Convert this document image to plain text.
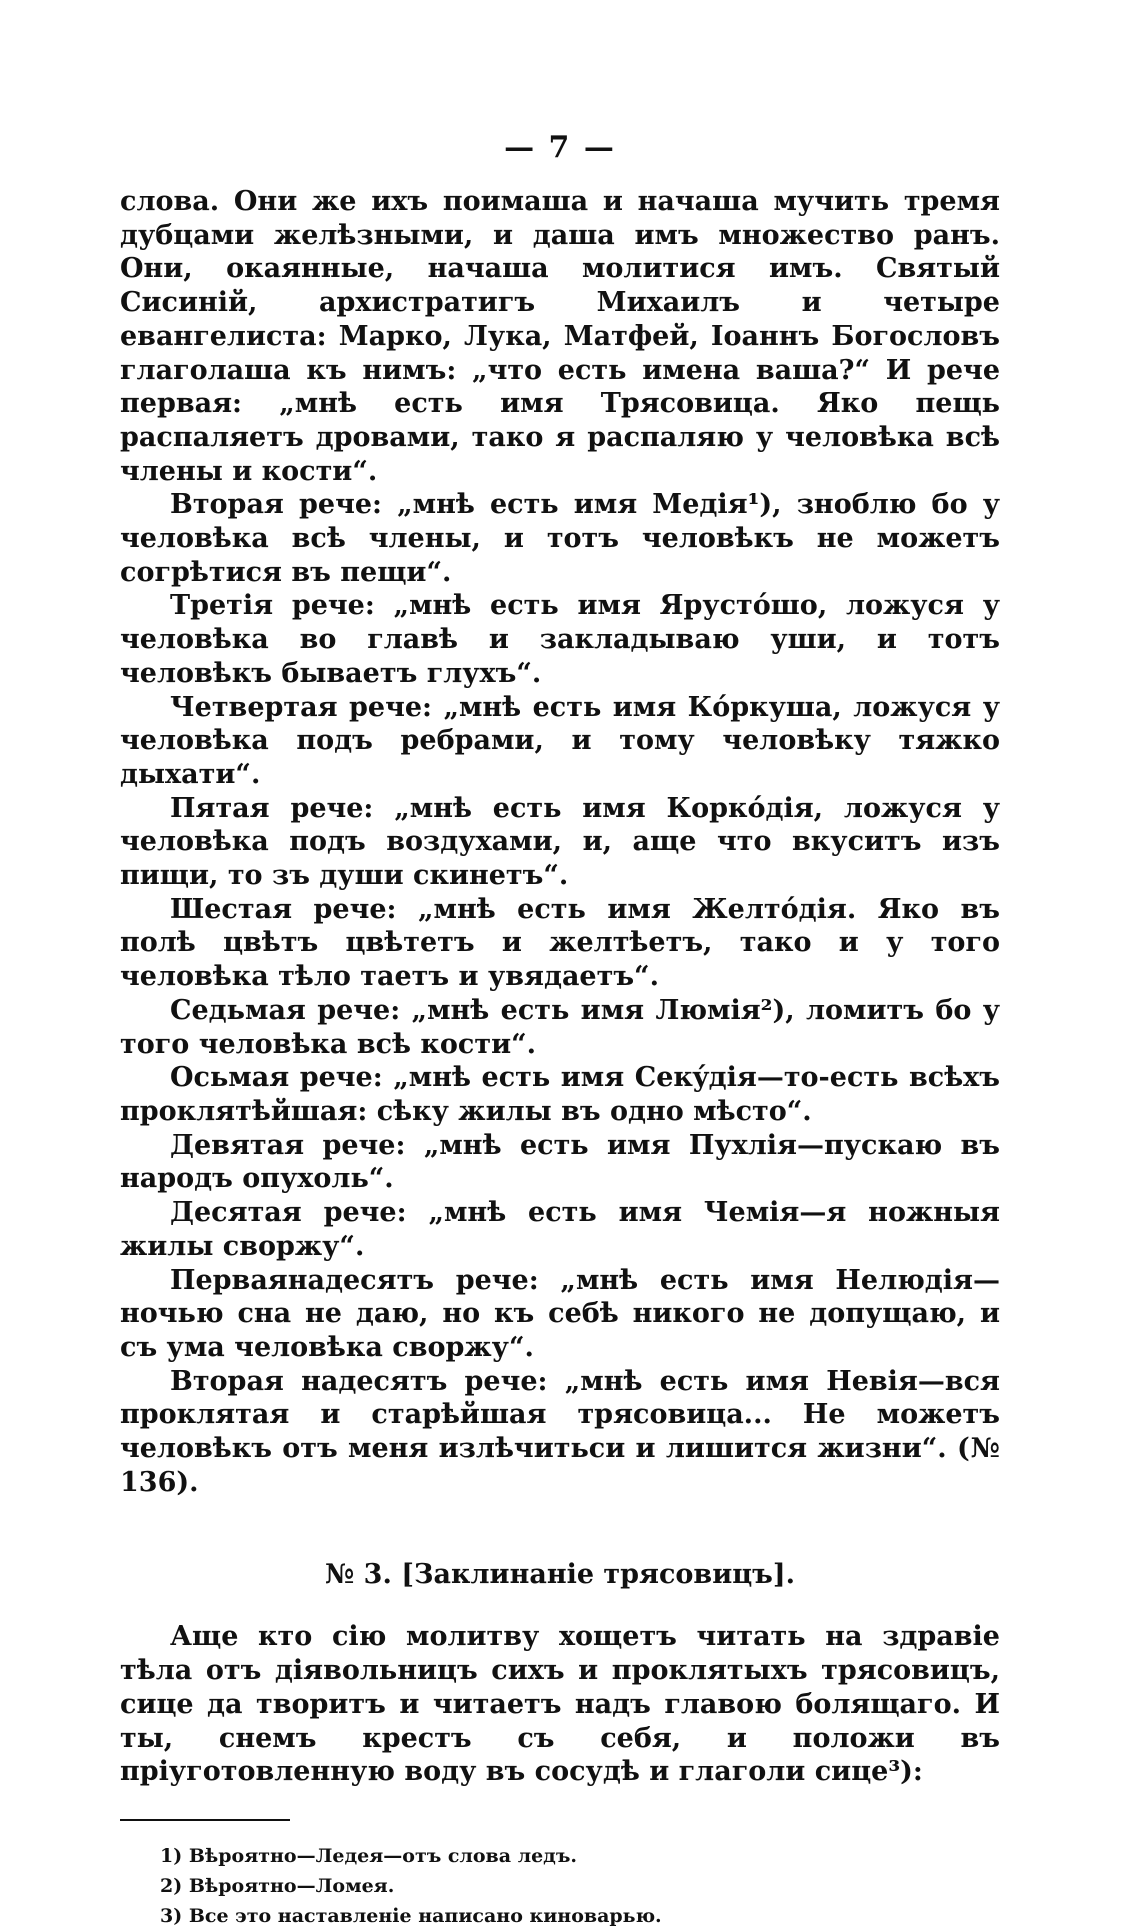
— 7 —

слова. Они же ихъ поимаша и начаша мучить тремя дубцами желѣзными, и даша имъ множество ранъ. Они, окаянные, начаша молитися имъ. Святый Сисиній, архистратигъ Михаилъ и четыре евангелиста: Марко, Лука, Матфей, Іоаннъ Богословъ глаголаша къ нимъ: „что есть имена ваша?“ И рече первая: „мнѣ есть имя Трясовица. Яко пещь распаляетъ дровами, тако я распаляю у человѣка всѣ члены и кости“.

Вторая рече: „мнѣ есть имя Медія¹), зноблю бо у человѣка всѣ члены, и тотъ человѣкъ не можетъ согрѣтися въ пещи“.

Третія рече: „мнѣ есть имя Ярустóшо, ложуся у человѣка во главѣ и закладываю уши, и тотъ человѣкъ бываетъ глухъ“.

Четвертая рече: „мнѣ есть имя Кóркуша, ложуся у человѣка подъ ребрами, и тому человѣку тяжко дыхати“.

Пятая рече: „мнѣ есть имя Коркóдія, ложуся у человѣка подъ воздухами, и, аще что вкуситъ изъ пищи, то зъ души скинетъ“.

Шестая рече: „мнѣ есть имя Желтóдія. Яко въ полѣ цвѣтъ цвѣтетъ и желтѣетъ, тако и у того человѣка тѣло таетъ и увядаетъ“.

Седьмая рече: „мнѣ есть имя Люмія²), ломитъ бо у того человѣка всѣ кости“.

Осьмая рече: „мнѣ есть имя Секýдія—то-есть всѣхъ проклятѣйшая: сѣку жилы въ одно мѣсто“.

Девятая рече: „мнѣ есть имя Пухлія—пускаю въ народъ опухоль“.

Десятая рече: „мнѣ есть имя Чемія—я ножныя жилы своржу“.

Перваянадесятъ рече: „мнѣ есть имя Нелюдія—ночью сна не даю, но къ себѣ никого не допущаю, и съ ума человѣка своржу“.

Вторая надесятъ рече: „мнѣ есть имя Невія—вся проклятая и старѣйшая трясовица... Не можетъ человѣкъ отъ меня излѣчитьси и лишится жизни“. (№ 136).

№ 3. [Заклинаніе трясовицъ].

Аще кто сію молитву хощетъ читать на здравіе тѣла отъ діявольницъ сихъ и проклятыхъ трясовицъ, сице да творитъ и читаетъ надъ главою болящаго. И ты, снемъ крестъ съ себя, и положи въ пріуготовленную воду въ сосудѣ и глаголи сице³):

1) Вѣроятно—Ледея—отъ слова ледъ.
2) Вѣроятно—Ломея.
3) Все это наставленіе написано киноварью.
